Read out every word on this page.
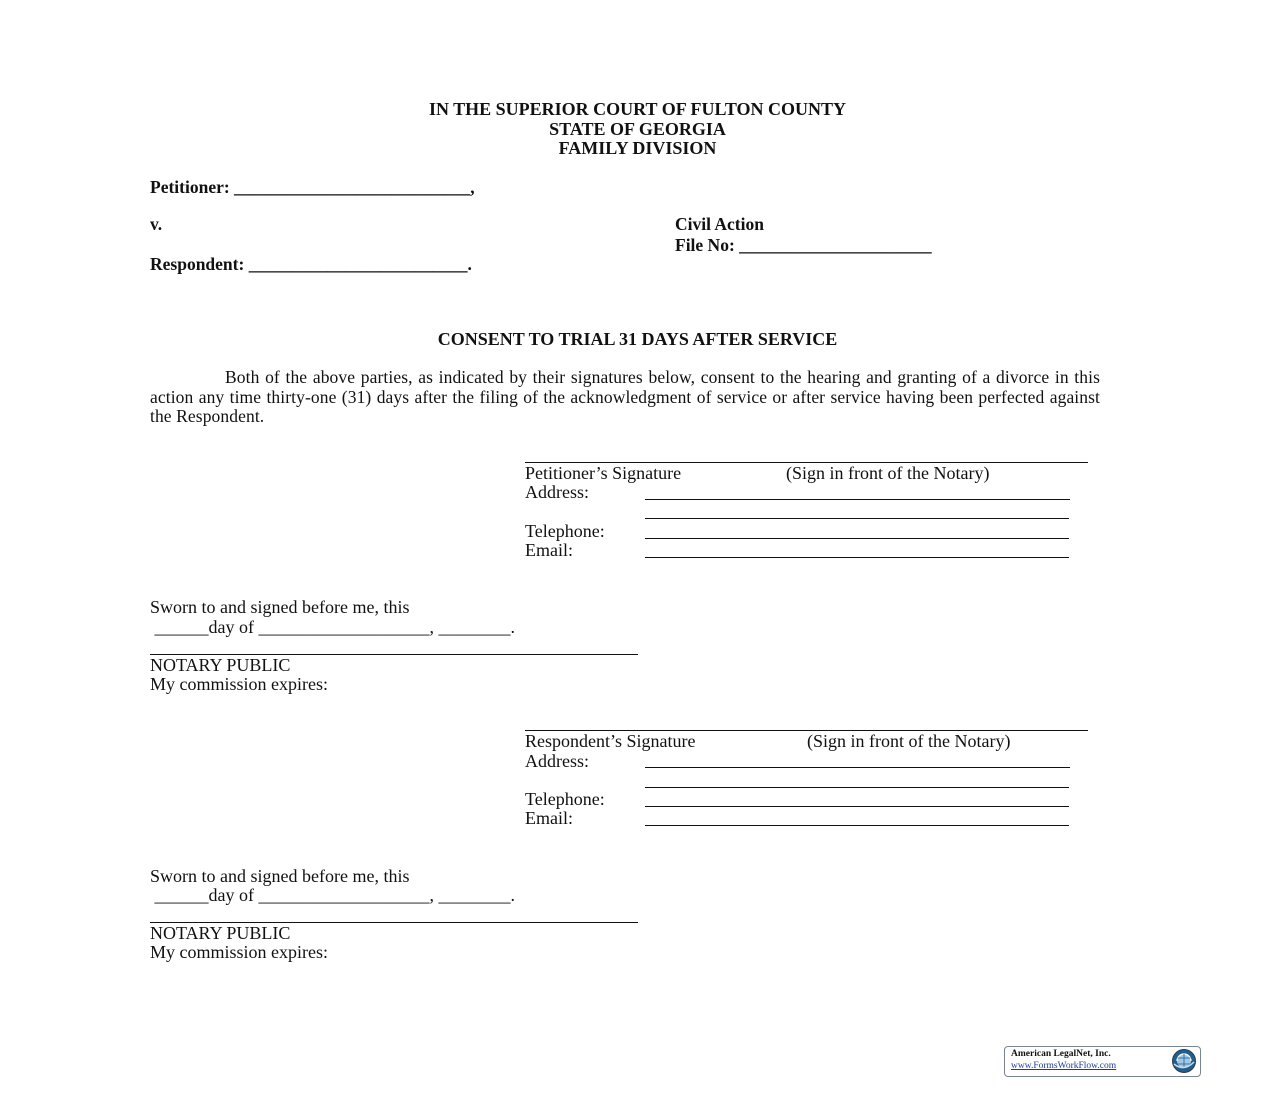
IN THE SUPERIOR COURT OF FULTON COUNTY
STATE OF GEORGIA
FAMILY DIVISION
Petitioner: ___________________________,
v.
Respondent: _________________________.
Civil Action
File No: ______________________
CONSENT TO TRIAL 31 DAYS AFTER SERVICE
Both of the above parties, as indicated by their signatures below, consent to the hearing and granting of a divorce in this action any time thirty-one (31) days after the filing of the acknowledgment of service or after service having been perfected against the Respondent.
Petitioner’s Signature	(Sign in front of the Notary)
Address:
Telephone:
Email:
Sworn to and signed before me, this
______day of ___________________, ________.
NOTARY PUBLIC
My commission expires:
Respondent’s Signature	(Sign in front of the Notary)
Address:
Telephone:
Email:
Sworn to and signed before me, this
______day of ___________________, ________.
NOTARY PUBLIC
My commission expires:
American LegalNet, Inc.
www.FormsWorkFlow.com
